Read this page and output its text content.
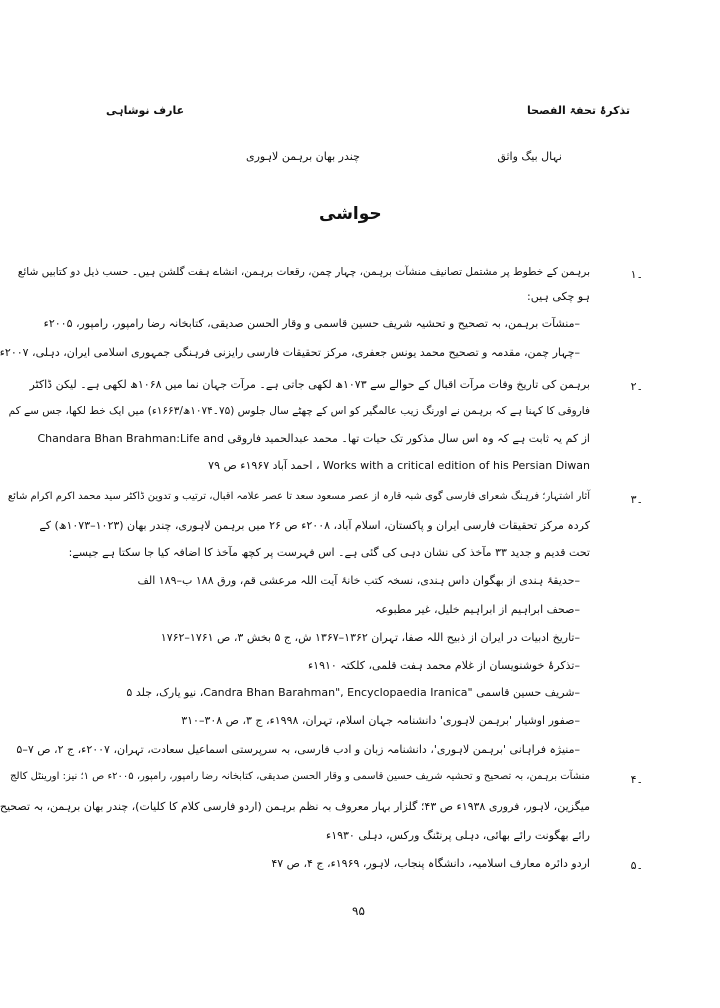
تذکرۂ تحفۃ الفصحا
عارف نوشاہی
نہال بیگ واثق
چندر بھان برہمن لاہوری
حواشی
۱۔
برہمن کے خطوط پر مشتمل تصانیف منشآت برہمن، چہار چمن، رقعات برہمن، انشاے ہفت گلشن ہیں۔ حسب ذیل دو کتابیں شائع
ہو چکی ہیں:
–منشآت برہمن، بہ تصحیح و تحشیہ شریف حسین قاسمی و وقار الحسن صدیقی، کتابخانہ رضا رامپور، رامپور، ۲۰۰۵ء
–چہار چمن، مقدمہ و تصحیح محمد یونس جعفری، مرکز تحقیقات فارسی رایزنی فرہنگی جمہوری اسلامی ایران، دہلی، ۲۰۰۷ء
۲۔
برہمن کی تاریخ وفات مرآت اقبال کے حوالے سے ۱۰۷۳ھ لکھی جاتی ہے۔ مرآت جہان نما میں ۱۰۶۸ھ لکھی ہے۔ لیکن ڈاکٹر
فاروقی کا کہنا ہے کہ برہمن نے اورنگ زیب عالمگیر کو اس کے چھٹے سال جلوس (۷۵۔۱۰۷۴ھ/۱۶۶۳ء) میں ایک خط لکھا، جس سے کم
از کم یہ ثابت ہے کہ وہ اس سال مذکور تک حیات تھا۔ محمد عبدالحمید فاروقی Chandara Bhan Brahman:Life and
Works with a critical edition of his Persian Diwan ، احمد آباد ۱۹۶۷ء ص ۷۹
۳۔
آثار اشتہار؛ فرہنگ شعرای فارسی گوی شبہ قارہ از عصر مسعود سعد تا عصر علامہ اقبال، ترتیب و تدوین ڈاکٹر سید محمد اکرم اکرام شائع
کردہ مرکز تحقیقات فارسی ایران و پاکستان، اسلام آباد، ۲۰۰۸ء ص ۲۶ میں برہمن لاہوری، چندر بھان (۱۰۲۳–۱۰۷۳ھ) کے
تحت قدیم و جدید ۳۳ مآخذ کی نشان دہی کی گئی ہے۔ اس فہرست پر کچھ مآخذ کا اضافہ کیا جا سکتا ہے جیسے:
–حدیقۂ ہندی از بھگوان داس ہندی، نسخہ کتب خانۂ آیت اللہ مرعشی قم، ورق ۱۸۸ ب–۱۸۹ الف
–صحف ابراہیم از ابراہیم خلیل، غیر مطبوعہ
–تاریخ ادبیات در ایران از ذبیح اللہ صفا، تہران ۱۳۶۲–۱۳۶۷ ش، ج ۵ بخش ۳، ص ۱۷۶۱–۱۷۶۲
–تذکرۂ خوشنویسان از غلام محمد ہفت قلمی، کلکتہ ۱۹۱۰ء
–شریف حسین قاسمی "Candra Bhan Barahman", Encyclopaedia Iranica، نیو یارک، جلد ۵
–صفور اوشیار 'برہمن لاہوری' دانشنامہ جہان اسلام، تہران، ۱۹۹۸ء، ج ۳، ص ۳۰۸–۳۱۰
–منیژہ فراہانی 'برہمن لاہوری'، دانشنامہ زبان و ادب فارسی، بہ سرپرستی اسماعیل سعادت، تہران، ۲۰۰۷ء، ج ۲، ص ۷–۵
۴۔
منشآت برہمن، بہ تصحیح و تحشیہ شریف حسین قاسمی و وقار الحسن صدیقی، کتابخانہ رضا رامپور، رامپور، ۲۰۰۵ء ص ۱؛ نیز: اورینٹل کالج
میگزین، لاہور، فروری ۱۹۳۸ء ص ۴۳؛ گلزار بہار معروف بہ نظم برہمن (اردو فارسی کلام کا کلیات)، چندر بھان برہمن، بہ تصحیح
رائے بھگونت رائے بھائی، دہلی پرنٹنگ ورکس، دہلی ۱۹۳۰ء
۵۔
اردو دائرہ معارف اسلامیہ، دانشگاہ پنجاب، لاہور، ۱۹۶۹ء، ج ۴، ص ۴۷
۹۵
